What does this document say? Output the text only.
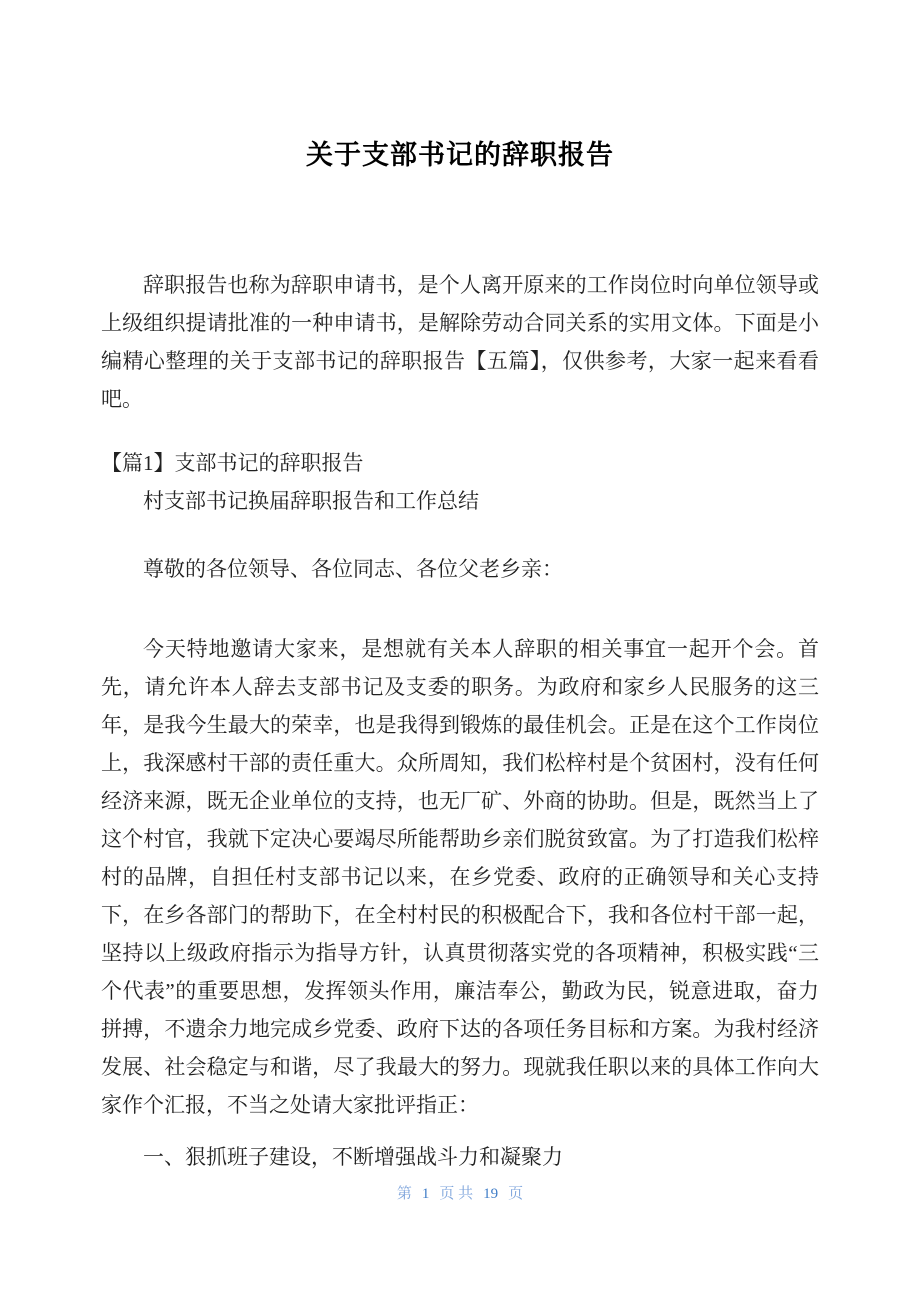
关于支部书记的辞职报告

辞职报告也称为辞职申请书，是个人离开原来的工作岗位时向单位领导或上级组织提请批准的一种申请书，是解除劳动合同关系的实用文体。下面是小编精心整理的关于支部书记的辞职报告【五篇】，仅供参考，大家一起来看看吧。

【篇1】支部书记的辞职报告

村支部书记换届辞职报告和工作总结

尊敬的各位领导、各位同志、各位父老乡亲：

今天特地邀请大家来，是想就有关本人辞职的相关事宜一起开个会。首先，请允许本人辞去支部书记及支委的职务。为政府和家乡人民服务的这三年，是我今生最大的荣幸，也是我得到锻炼的最佳机会。正是在这个工作岗位上，我深感村干部的责任重大。众所周知，我们松梓村是个贫困村，没有任何经济来源，既无企业单位的支持，也无厂矿、外商的协助。但是，既然当上了这个村官，我就下定决心要竭尽所能帮助乡亲们脱贫致富。为了打造我们松梓村的品牌，自担任村支部书记以来，在乡党委、政府的正确领导和关心支持下，在乡各部门的帮助下，在全村村民的积极配合下，我和各位村干部一起，坚持以上级政府指示为指导方针，认真贯彻落实党的各项精神，积极实践“三个代表”的重要思想，发挥领头作用，廉洁奉公，勤政为民，锐意进取，奋力拼搏，不遗余力地完成乡党委、政府下达的各项任务目标和方案。为我村经济发展、社会稳定与和谐，尽了我最大的努力。现就我任职以来的具体工作向大家作个汇报，不当之处请大家批评指正：

一、狠抓班子建设，不断增强战斗力和凝聚力

第 1 页 共 19 页
